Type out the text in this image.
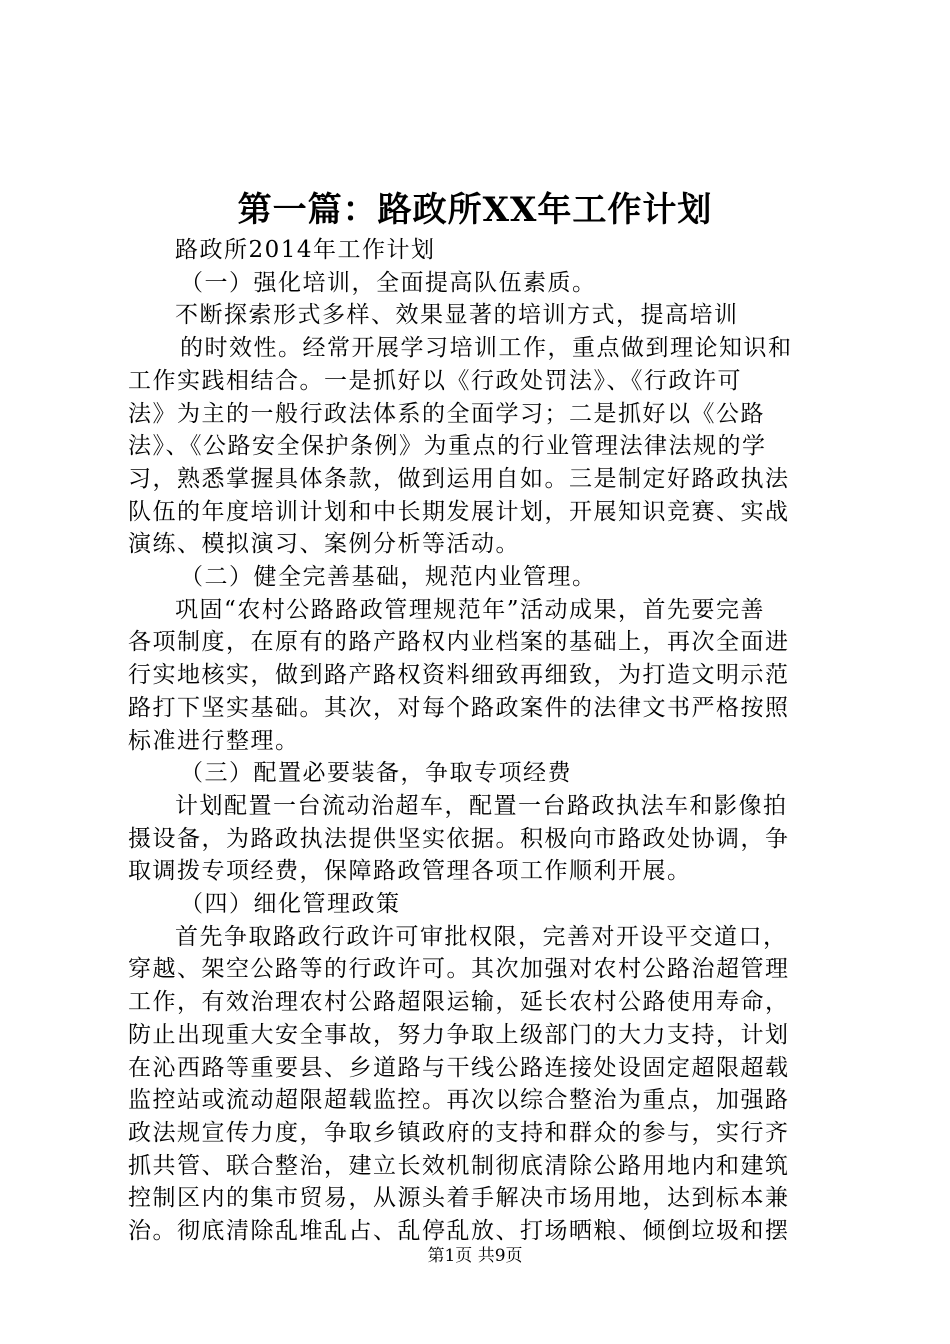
第一篇：路政所XX年工作计划

路政所2014年工作计划

（一）强化培训，全面提高队伍素质。

不断探索形式多样、效果显著的培训方式，提高培训

的时效性。经常开展学习培训工作，重点做到理论知识和

工作实践相结合。一是抓好以《行政处罚法》、《行政许可

法》为主的一般行政法体系的全面学习；二是抓好以《公路

法》、《公路安全保护条例》为重点的行业管理法律法规的学

习，熟悉掌握具体条款，做到运用自如。三是制定好路政执法

队伍的年度培训计划和中长期发展计划，开展知识竞赛、实战

演练、模拟演习、案例分析等活动。

（二）健全完善基础，规范内业管理。

巩固“农村公路路政管理规范年”活动成果，首先要完善

各项制度，在原有的路产路权内业档案的基础上，再次全面进

行实地核实，做到路产路权资料细致再细致，为打造文明示范

路打下坚实基础。其次，对每个路政案件的法律文书严格按照

标准进行整理。

（三）配置必要装备，争取专项经费

计划配置一台流动治超车，配置一台路政执法车和影像拍

摄设备，为路政执法提供坚实依据。积极向市路政处协调，争

取调拨专项经费，保障路政管理各项工作顺利开展。

（四）细化管理政策

首先争取路政行政许可审批权限，完善对开设平交道口，

穿越、架空公路等的行政许可。其次加强对农村公路治超管理

工作，有效治理农村公路超限运输，延长农村公路使用寿命，

防止出现重大安全事故，努力争取上级部门的大力支持，计划

在沁西路等重要县、乡道路与干线公路连接处设固定超限超载

监控站或流动超限超载监控。再次以综合整治为重点，加强路

政法规宣传力度，争取乡镇政府的支持和群众的参与，实行齐

抓共管、联合整治，建立长效机制彻底清除公路用地内和建筑

控制区内的集市贸易，从源头着手解决市场用地，达到标本兼

治。彻底清除乱堆乱占、乱停乱放、打场晒粮、倾倒垃圾和摆

第1页 共9页
